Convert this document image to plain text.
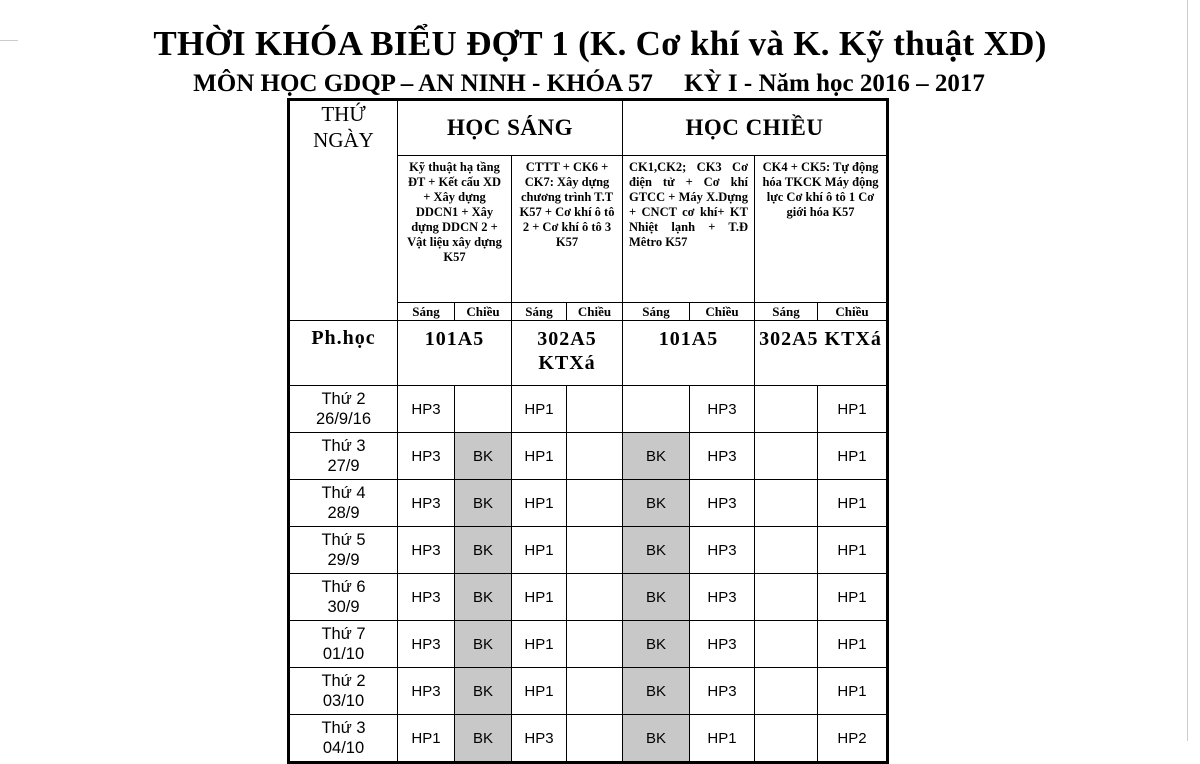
THỜI KHÓA BIỂU ĐỢT 1 (K. Cơ khí và K. Kỹ thuật XD)
MÔN HỌC GDQP – AN NINH - KHÓA 57     KỲ I - Năm học 2016 – 2017
THỨ
NGÀY	HỌC SÁNG				HỌC CHIỀU			
	Kỹ thuật hạ tầng ĐT + Kết cấu XD + Xây dựng DDCN1 + Xây dựng DDCN 2 + Vật liệu xây dựng K57		CTTT + CK6 + CK7: Xây dựng chương trình T.T K57 + Cơ khí ô tô 2 + Cơ khí ô tô 3 K57		CK1,CK2; CK3 Cơ điện tử + Cơ khí GTCC + Máy X.Dựng + CNCT cơ khí+ KT Nhiệt lạnh + T.Đ Mêtro K57		CK4 + CK5: Tự động hóa TKCK Máy động lực Cơ khí ô tô 1 Cơ giới hóa K57	
	Sáng	Chiều	Sáng	Chiều	Sáng	Chiều	Sáng	Chiều
Ph.học	101A5		302A5 KTXá		101A5		302A5 KTXá	

Thứ 2
26/9/16	HP3		HP1			HP3		HP1

Thứ 3
27/9	HP3	BK	HP1		BK	HP3		HP1

Thứ 4
28/9	HP3	BK	HP1		BK	HP3		HP1

Thứ 5
29/9	HP3	BK	HP1		BK	HP3		HP1

Thứ 6
30/9	HP3	BK	HP1		BK	HP3		HP1

Thứ 7
01/10	HP3	BK	HP1		BK	HP3		HP1

Thứ 2
03/10	HP3	BK	HP1		BK	HP3		HP1

Thứ 3
04/10	HP1	BK	HP3		BK	HP1		HP2
